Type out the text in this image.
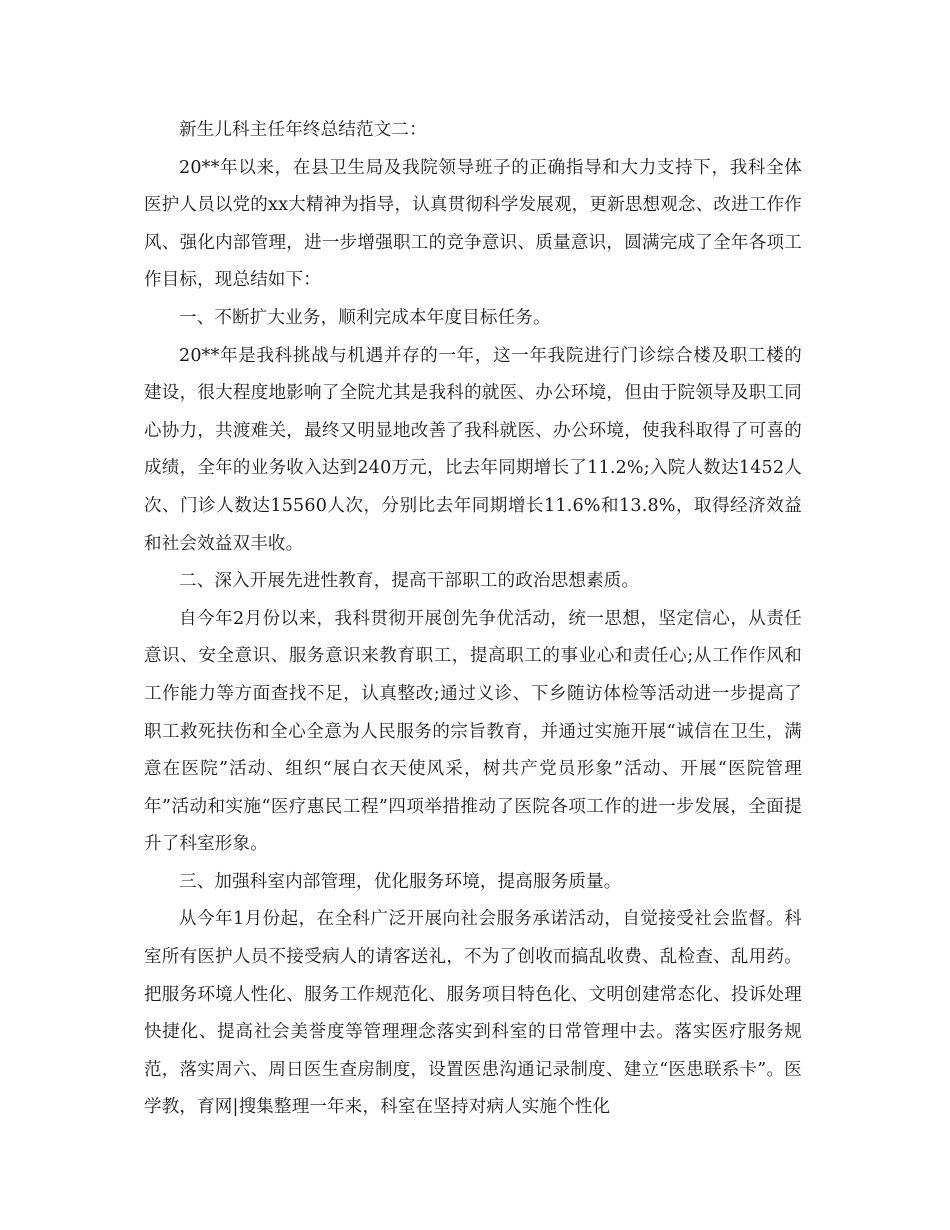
新生儿科主任年终总结范文二：

20**年以来，在县卫生局及我院领导班子的正确指导和大力支持下，我科全体医护人员以党的xx大精神为指导，认真贯彻科学发展观，更新思想观念、改进工作作风、强化内部管理，进一步增强职工的竞争意识、质量意识，圆满完成了全年各项工作目标，现总结如下：

一、不断扩大业务，顺利完成本年度目标任务。

20**年是我科挑战与机遇并存的一年，这一年我院进行门诊综合楼及职工楼的建设，很大程度地影响了全院尤其是我科的就医、办公环境，但由于院领导及职工同心协力，共渡难关，最终又明显地改善了我科就医、办公环境，使我科取得了可喜的成绩，全年的业务收入达到240万元，比去年同期增长了11.2%;入院人数达1452人次、门诊人数达15560人次，分别比去年同期增长11.6%和13.8%，取得经济效益和社会效益双丰收。

二、深入开展先进性教育，提高干部职工的政治思想素质。

自今年2月份以来，我科贯彻开展创先争优活动，统一思想，坚定信心，从责任意识、安全意识、服务意识来教育职工，提高职工的事业心和责任心;从工作作风和工作能力等方面查找不足，认真整改;通过义诊、下乡随访体检等活动进一步提高了职工救死扶伤和全心全意为人民服务的宗旨教育，并通过实施开展“诚信在卫生，满意在医院”活动、组织“展白衣天使风采，树共产党员形象”活动、开展“医院管理年”活动和实施“医疗惠民工程”四项举措推动了医院各项工作的进一步发展，全面提升了科室形象。

三、加强科室内部管理，优化服务环境，提高服务质量。

从今年1月份起，在全科广泛开展向社会服务承诺活动，自觉接受社会监督。科室所有医护人员不接受病人的请客送礼，不为了创收而搞乱收费、乱检查、乱用药。把服务环境人性化、服务工作规范化、服务项目特色化、文明创建常态化、投诉处理快捷化、提高社会美誉度等管理理念落实到科室的日常管理中去。落实医疗服务规范，落实周六、周日医生查房制度，设置医患沟通记录制度、建立“医患联系卡”。医学教，育网|搜集整理一年来，科室在坚持对病人实施个性化
